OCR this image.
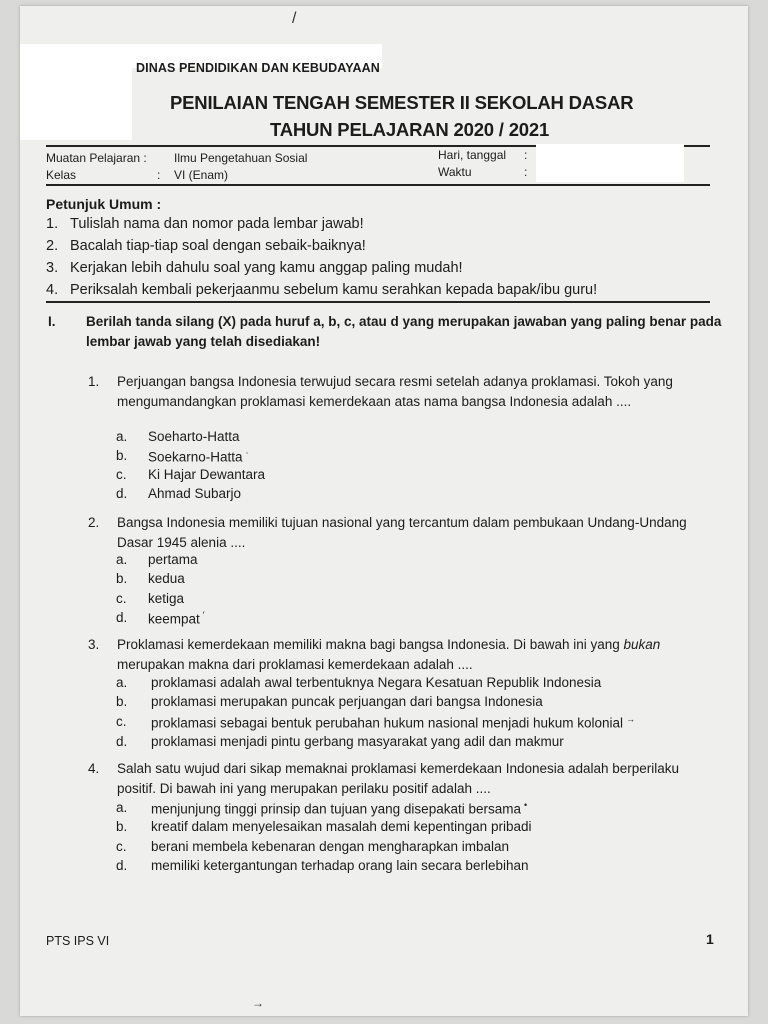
/
DINAS PENDIDIKAN DAN KEBUDAYAAN
PENILAIAN TENGAH SEMESTER II SEKOLAH DASAR
TAHUN PELAJARAN 2020 / 2021
Muatan Pelajaran : Ilmu Pengetahuan Sosial
Kelas	: VI (Enam)
Hari, tanggal :
Waktu	:
Petunjuk Umum :
1. Tulislah nama dan nomor pada lembar jawab!
2. Bacalah tiap-tiap soal dengan sebaik-baiknya!
3. Kerjakan lebih dahulu soal yang kamu anggap paling mudah!
4. Periksalah kembali pekerjaanmu sebelum kamu serahkan kepada bapak/ibu guru!
I. Berilah tanda silang (X) pada huruf a, b, c, atau d yang merupakan jawaban yang paling benar pada lembar jawab yang telah disediakan!
1. Perjuangan bangsa Indonesia terwujud secara resmi setelah adanya proklamasi. Tokoh yang mengumandangkan proklamasi kemerdekaan atas nama bangsa Indonesia adalah ....
a. Soeharto-Hatta
b. Soekarno-Hatta ⋅
c. Ki Hajar Dewantara
d. Ahmad Subarjo
2. Bangsa Indonesia memiliki tujuan nasional yang tercantum dalam pembukaan Undang-Undang Dasar 1945 alenia ....
a. pertama
b. kedua
c. ketiga
d. keempat ′
3. Proklamasi kemerdekaan memiliki makna bagi bangsa Indonesia. Di bawah ini yang bukan merupakan makna dari proklamasi kemerdekaan adalah ....
a. proklamasi adalah awal terbentuknya Negara Kesatuan Republik Indonesia
b. proklamasi merupakan puncak perjuangan dari bangsa Indonesia
c. proklamasi sebagai bentuk perubahan hukum nasional menjadi hukum kolonial →
d. proklamasi menjadi pintu gerbang masyarakat yang adil dan makmur
4. Salah satu wujud dari sikap memaknai proklamasi kemerdekaan Indonesia adalah berperilaku positif. Di bawah ini yang merupakan perilaku positif adalah ....
a. menjunjung tinggi prinsip dan tujuan yang disepakati bersama •
b. kreatif dalam menyelesaikan masalah demi kepentingan pribadi
c. berani membela kebenaran dengan mengharapkan imbalan
d. memiliki ketergantungan terhadap orang lain secara berlebihan
PTS IPS VI	1
→
